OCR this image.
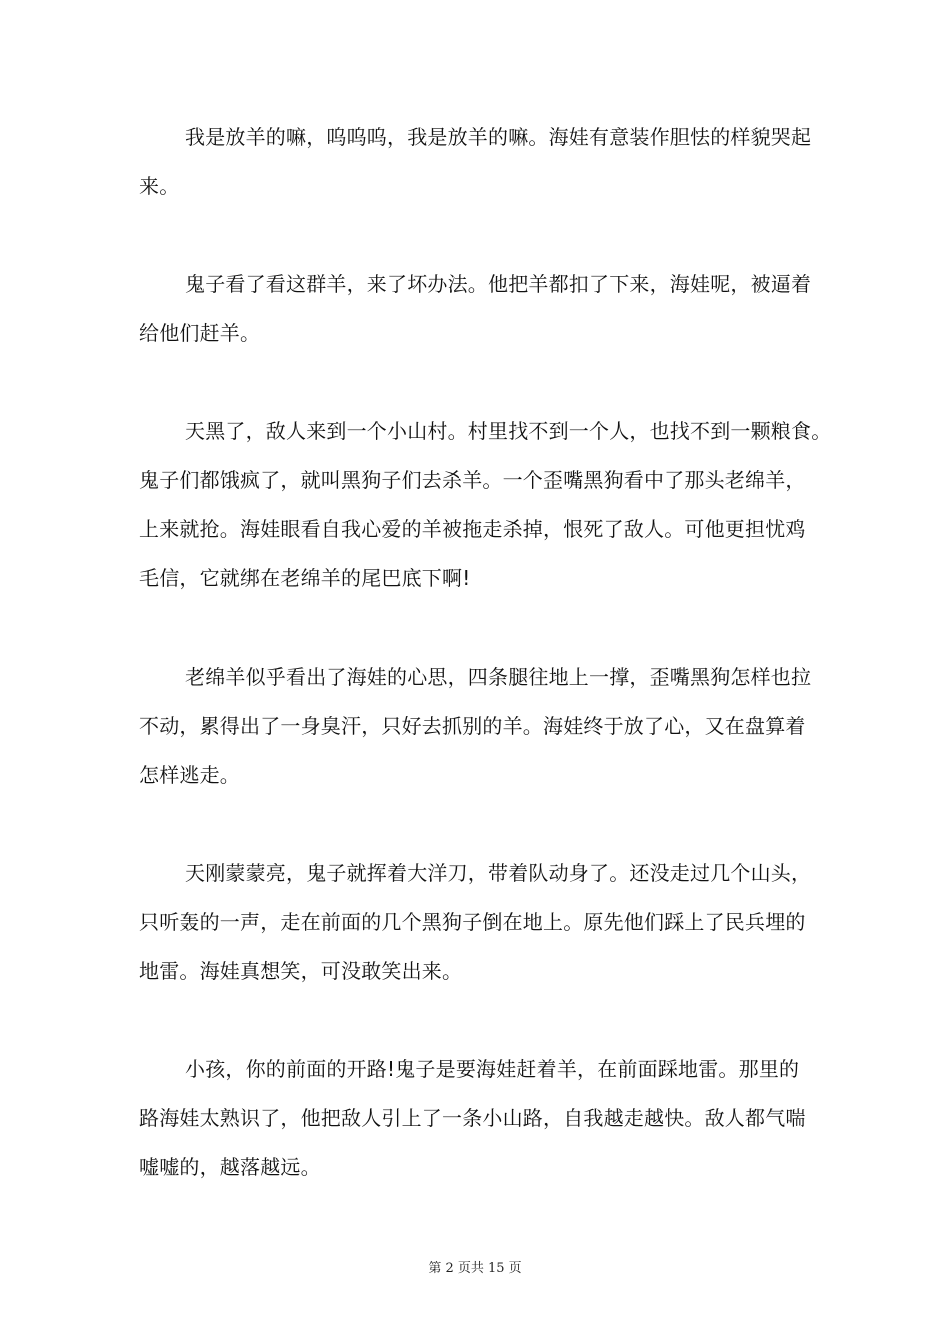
我是放羊的嘛，呜呜呜，我是放羊的嘛。海娃有意装作胆怯的样貌哭起
来。

鬼子看了看这群羊，来了坏办法。他把羊都扣了下来，海娃呢，被逼着
给他们赶羊。

天黑了，敌人来到一个小山村。村里找不到一个人，也找不到一颗粮食。
鬼子们都饿疯了，就叫黑狗子们去杀羊。一个歪嘴黑狗看中了那头老绵羊，
上来就抢。海娃眼看自我心爱的羊被拖走杀掉，恨死了敌人。可他更担忧鸡
毛信，它就绑在老绵羊的尾巴底下啊!

老绵羊似乎看出了海娃的心思，四条腿往地上一撑，歪嘴黑狗怎样也拉
不动，累得出了一身臭汗，只好去抓别的羊。海娃终于放了心，又在盘算着
怎样逃走。

天刚蒙蒙亮，鬼子就挥着大洋刀，带着队动身了。还没走过几个山头，
只听轰的一声，走在前面的几个黑狗子倒在地上。原先他们踩上了民兵埋的
地雷。海娃真想笑，可没敢笑出来。

小孩，你的前面的开路!鬼子是要海娃赶着羊，在前面踩地雷。那里的
路海娃太熟识了，他把敌人引上了一条小山路，自我越走越快。敌人都气喘
嘘嘘的，越落越远。

第 2 页共 15 页
